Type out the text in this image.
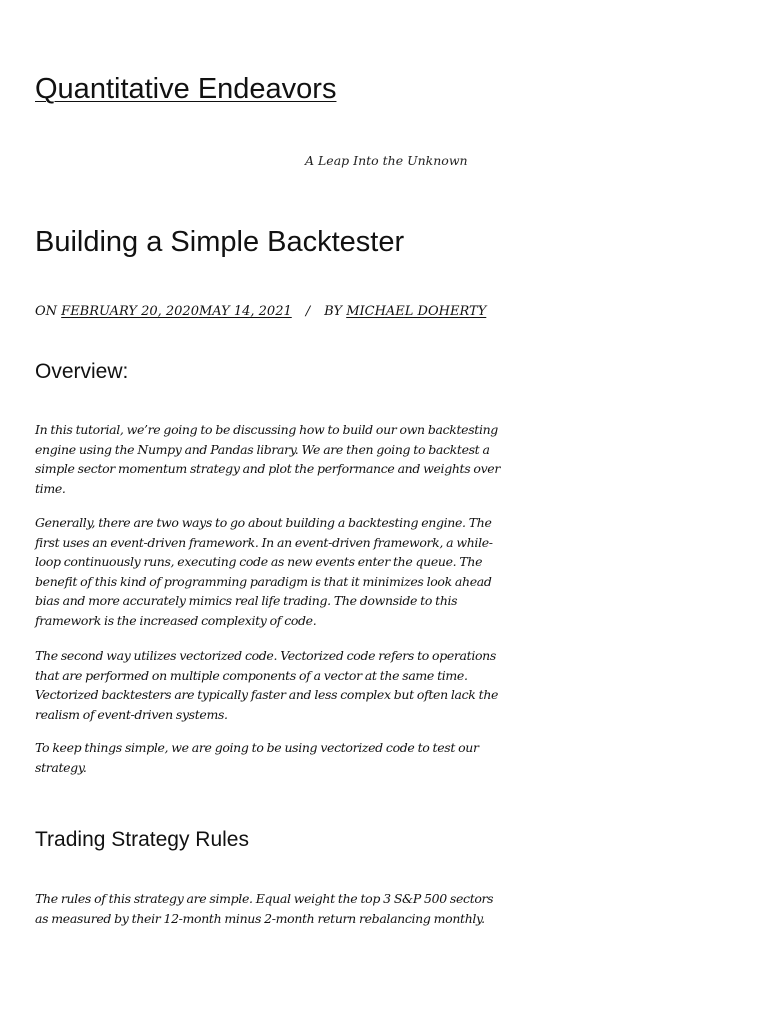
Quantitative Endeavors

A Leap Into the Unknown

Building a Simple Backtester
ON FEBRUARY 20, 2020MAY 14, 2021 / BY MICHAEL DOHERTY
Overview:

In this tutorial, we’re going to be discussing how to build our own backtesting
engine using the Numpy and Pandas library. We are then going to backtest a
simple sector momentum strategy and plot the performance and weights over
time.

Generally, there are two ways to go about building a backtesting engine. The
first uses an event-driven framework. In an event-driven framework, a while-
loop continuously runs, executing code as new events enter the queue. The
benefit of this kind of programming paradigm is that it minimizes look ahead
bias and more accurately mimics real life trading. The downside to this
framework is the increased complexity of code.

The second way utilizes vectorized code. Vectorized code refers to operations
that are performed on multiple components of a vector at the same time.
Vectorized backtesters are typically faster and less complex but often lack the
realism of event-driven systems.

To keep things simple, we are going to be using vectorized code to test our
strategy.

Trading Strategy Rules

The rules of this strategy are simple. Equal weight the top 3 S&P 500 sectors
as measured by their 12-month minus 2-month return rebalancing monthly.
